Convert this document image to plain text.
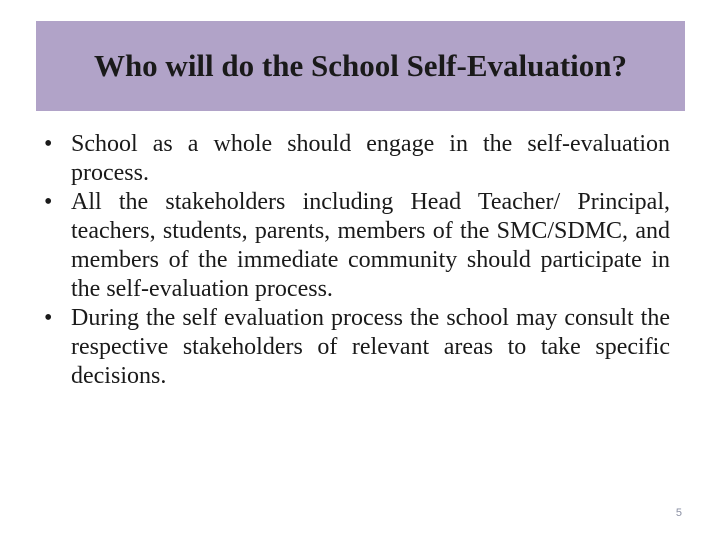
Who will do the School Self-Evaluation?
• School as a whole should engage in the self-evaluation process.
• All the stakeholders including Head Teacher/ Principal, teachers, students, parents, members of the SMC/SDMC, and members of the immediate community should participate in the self-evaluation process.
• During the self evaluation process the school may consult the respective stakeholders of relevant areas to take specific decisions.
5
